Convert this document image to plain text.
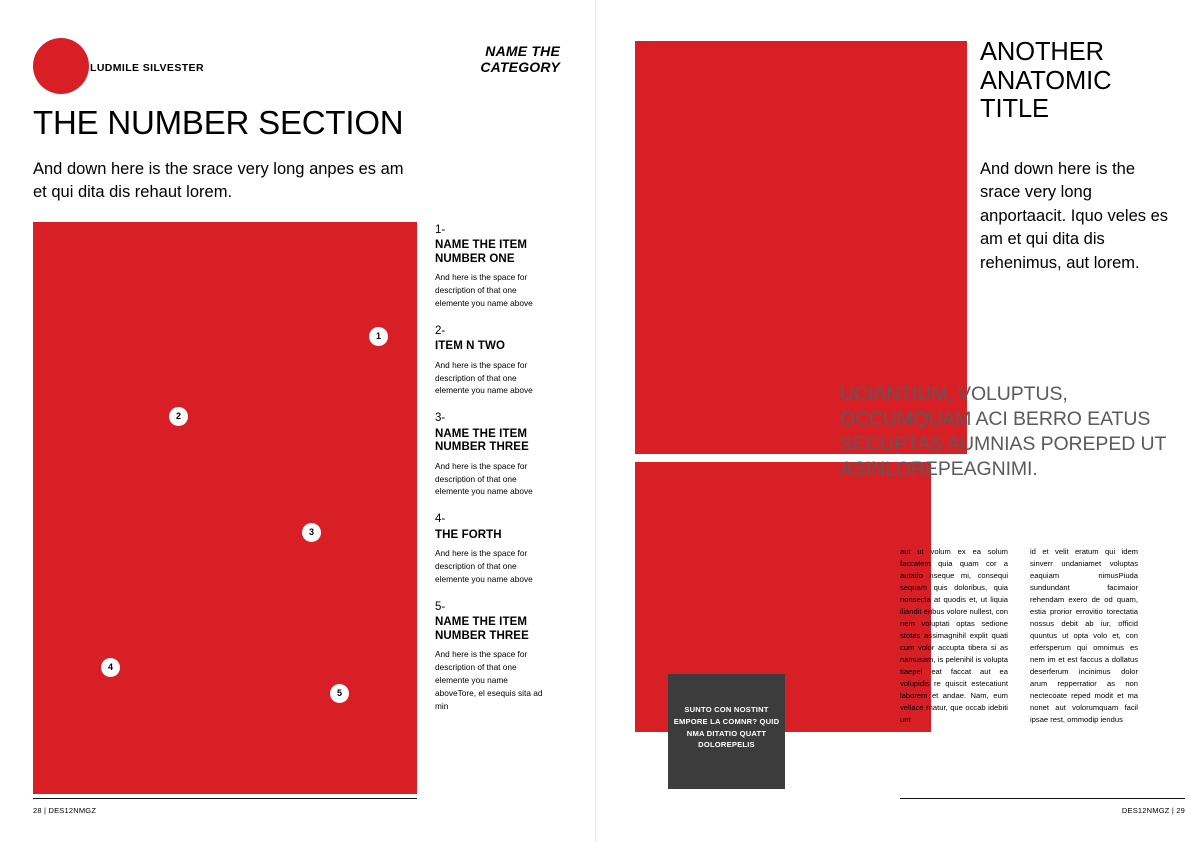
LUDMILE SILVESTER
NAME THE
CATEGORY
THE NUMBER SECTION
And down here is the srace very long anpes es am et qui dita dis rehaut lorem.
1
2
3
4
5
1-
NAME THE ITEM NUMBER ONE
And here is the space for description of that one elemente you name above
2-
ITEM N TWO
And here is the space for description of that one elemente you name above
3-
NAME THE ITEM NUMBER THREE
And here is the space for description of that one elemente you name above
4-
THE FORTH
And here is the space for description of that one elemente you name above
5-
NAME THE ITEM NUMBER THREE
And here is the space for description of that one elemente you name aboveTore, el esequis sita ad min
28 | DES12NMGZ
SUNTO CON NOSTINT EMPORE LA COMNR? QUID NMA DITATIO QUATT DOLOREPELIS
ANOTHER ANATOMIC TITLE
And down here is the srace very long anportaacit. Iquo veles es am et qui dita dis rehenimus, aut lorem.
UCIANTIUM, VOLUPTUS, OCCUMQUAM ACI BERRO EATUS SECUPTAS AUMNIAS POREPED UT ASINLOREPEAGNIMI.
aut ut volum ex ea solum faccatem quia quam cor a autatio nseque mi, consequi sequam quis doloribus, quia nonsecta at quodis et, ut liquia iliandit eribus volore nullest, con nem voluptati optas sedione stotas assimagnihil explit quati cum volor accupta tibera si as namusam, is pelenihil is volupta tiaepel eat faccat aut ea volupidis re quiscit estecatiunt laborem et andae. Nam, eum vellace rnatur, que occab idebiti unt
id et velit eratum qui idem sinverr undaniamet voluptas eaquiam nimusPiuda sundundant facimaior rehendam exero de od quam, estia prorior errovitio torectatia nossus debit ab iur, officid quuntus ut opta volo et, con erfersperum qui omnimus es nem im et est faccus a dollatus deserferum incinimus dolor arum repperratior as non nectecoate reped modit et ma nonet aut volorumquam facil ipsae rest, ommodip iendus
DES12NMGZ | 29
